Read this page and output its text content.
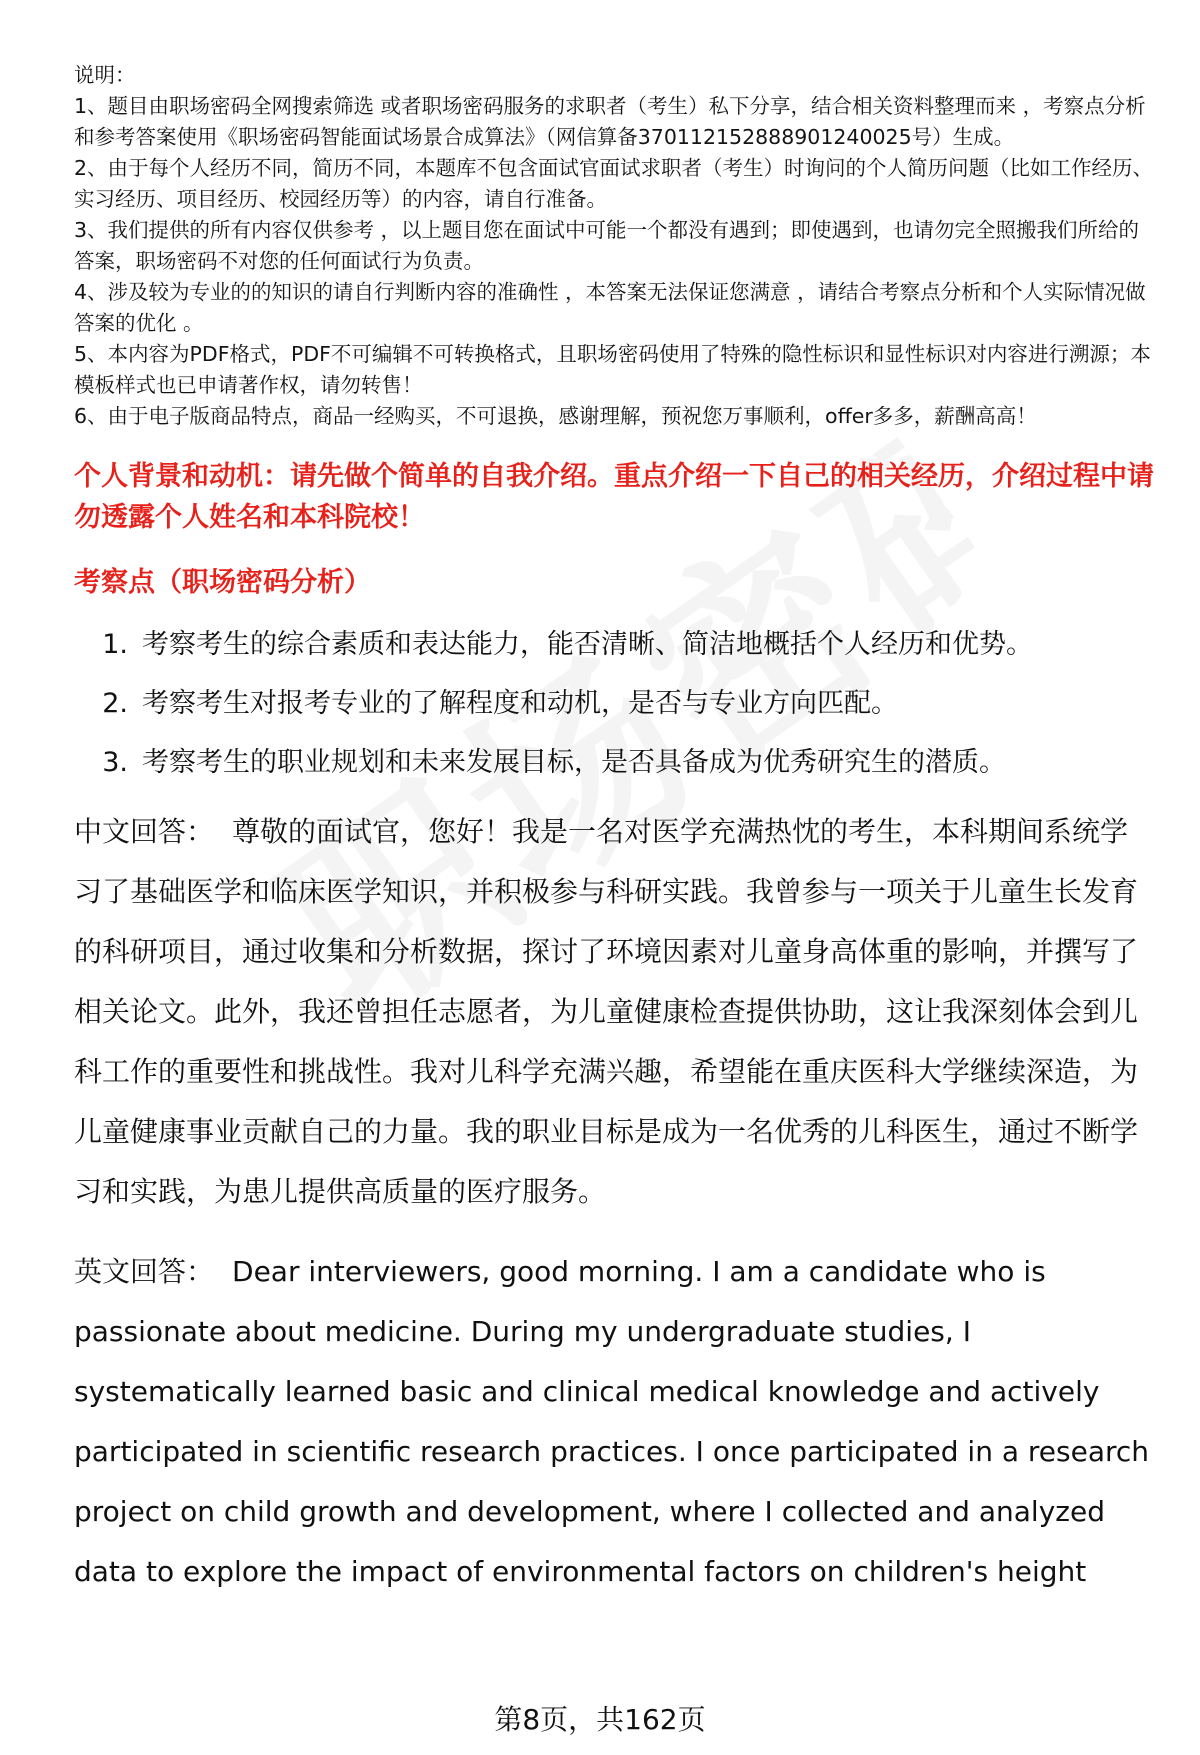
说明：

1、题目由职场密码全网搜索筛选 或者职场密码服务的求职者（考生）私下分享，结合相关资料整理而来 ，考察点分析和参考答案使用《职场密码智能面试场景合成算法》（网信算备370112152888901240025号）生成。

2、由于每个人经历不同，简历不同，本题库不包含面试官面试求职者（考生）时询问的个人简历问题（比如工作经历、实习经历、项目经历、校园经历等）的内容，请自行准备。

3、我们提供的所有内容仅供参考 ，以上题目您在面试中可能一个都没有遇到；即使遇到，也请勿完全照搬我们所给的答案，职场密码不对您的任何面试行为负责。

4、涉及较为专业的的知识的请自行判断内容的准确性 ，本答案无法保证您满意 ，请结合考察点分析和个人实际情况做答案的优化 。

5、本内容为PDF格式，PDF不可编辑不可转换格式，且职场密码使用了特殊的隐性标识和显性标识对内容进行溯源；本模板样式也已申请著作权，请勿转售！

6、由于电子版商品特点，商品一经购买，不可退换，感谢理解，预祝您万事顺利，offer多多，薪酬高高！

个人背景和动机：请先做个简单的自我介绍。重点介绍一下自己的相关经历，介绍过程中请勿透露个人姓名和本科院校！
考察点（职场密码分析）
1. 考察考生的综合素质和表达能力，能否清晰、简洁地概括个人经历和优势。
2. 考察考生对报考专业的了解程度和动机，是否与专业方向匹配。
3. 考察考生的职业规划和未来发展目标，是否具备成为优秀研究生的潜质。
中文回答： 尊敬的面试官，您好！我是一名对医学充满热忱的考生，本科期间系统学习了基础医学和临床医学知识，并积极参与科研实践。我曾参与一项关于儿童生长发育的科研项目，通过收集和分析数据，探讨了环境因素对儿童身高体重的影响，并撰写了相关论文。此外，我还曾担任志愿者，为儿童健康检查提供协助，这让我深刻体会到儿科工作的重要性和挑战性。我对儿科学充满兴趣，希望能在重庆医科大学继续深造，为儿童健康事业贡献自己的力量。我的职业目标是成为一名优秀的儿科医生，通过不断学习和实践，为患儿提供高质量的医疗服务。
英文回答： Dear interviewers, good morning. I am a candidate who is passionate about medicine. During my undergraduate studies, I systematically learned basic and clinical medical knowledge and actively participated in scientific research practices. I once participated in a research project on child growth and development, where I collected and analyzed data to explore the impact of environmental factors on children's height
第8页，共162页
